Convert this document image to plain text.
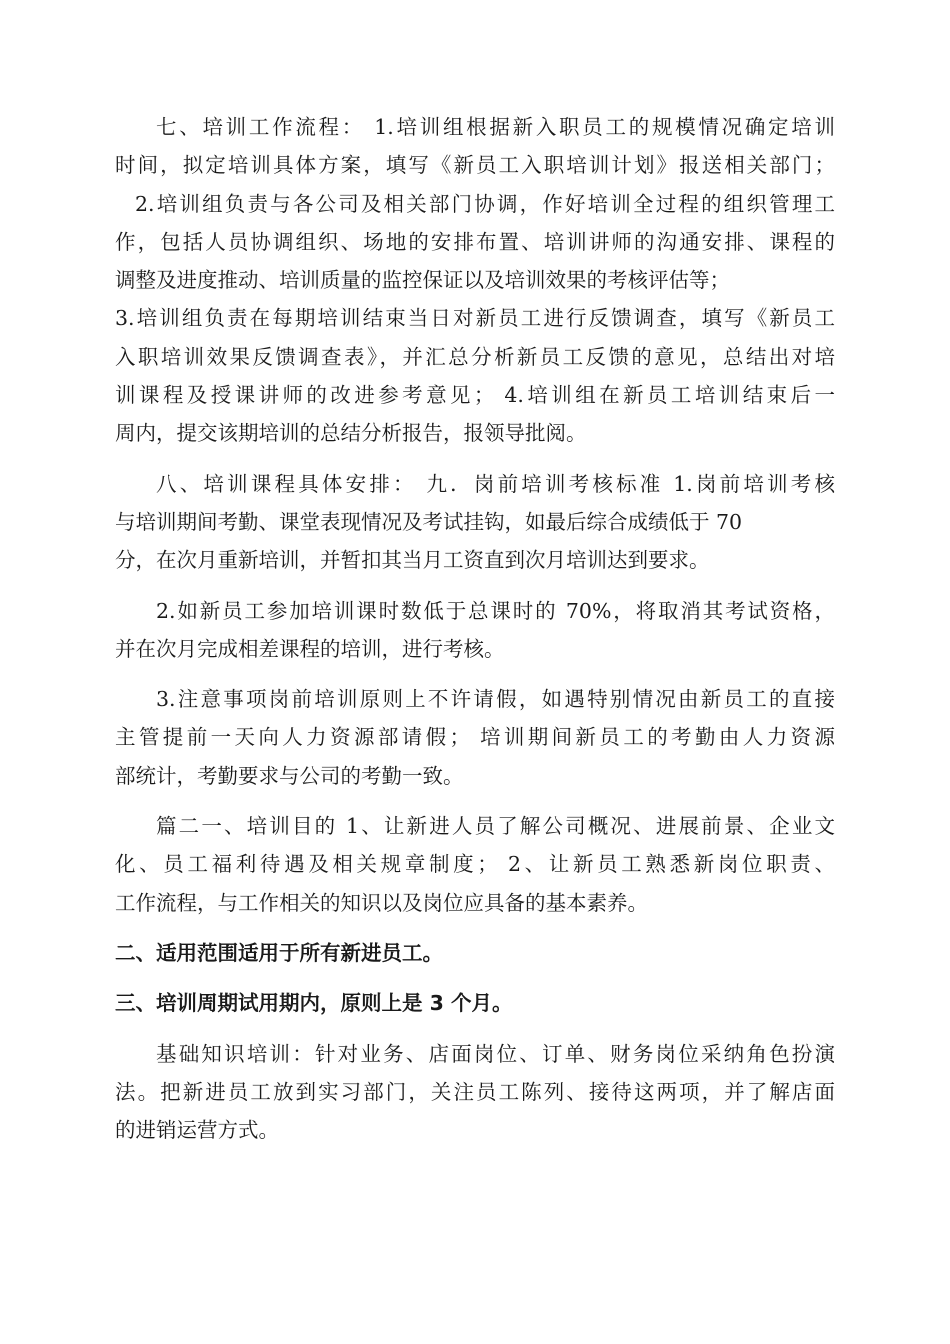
七、培训工作流程： 1.培训组根据新入职员工的规模情况确定培训
时间，拟定培训具体方案，填写《新员工入职培训计划》报送相关部门；
2.培训组负责与各公司及相关部门协调，作好培训全过程的组织管理工
作，包括人员协调组织、场地的安排布置、培训讲师的沟通安排、课程的
调整及进度推动、培训质量的监控保证以及培训效果的考核评估等；
3.培训组负责在每期培训结束当日对新员工进行反馈调查，填写《新员工
入职培训效果反馈调查表》，并汇总分析新员工反馈的意见，总结出对培
训课程及授课讲师的改进参考意见； 4.培训组在新员工培训结束后一
周内，提交该期培训的总结分析报告，报领导批阅。
八、培训课程具体安排： 九．岗前培训考核标准 1.岗前培训考核
与培训期间考勤、课堂表现情况及考试挂钩，如最后综合成绩低于 70
分，在次月重新培训，并暂扣其当月工资直到次月培训达到要求。
2.如新员工参加培训课时数低于总课时的 70%，将取消其考试资格，
并在次月完成相差课程的培训，进行考核。
3.注意事项岗前培训原则上不许请假，如遇特别情况由新员工的直接
主管提前一天向人力资源部请假； 培训期间新员工的考勤由人力资源
部统计，考勤要求与公司的考勤一致。
篇二一、培训目的 1、让新进人员了解公司概况、进展前景、企业文
化、员工福利待遇及相关规章制度； 2、让新员工熟悉新岗位职责、
工作流程，与工作相关的知识以及岗位应具备的基本素养。
二、适用范围适用于所有新进员工。
三、培训周期试用期内，原则上是 3 个月。
基础知识培训：针对业务、店面岗位、订单、财务岗位采纳角色扮演
法。把新进员工放到实习部门，关注员工陈列、接待这两项，并了解店面
的进销运营方式。
